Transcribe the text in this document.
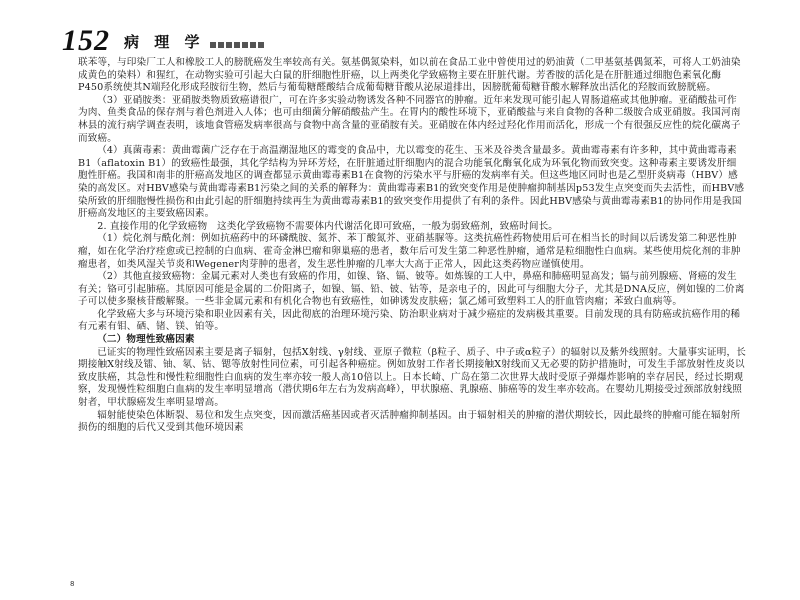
152 病 理 学

联苯等，与印染厂工人和橡胶工人的膀胱癌发生率较高有关。氨基偶氮染料，如以前在食品工业中曾使用过的奶油黄（二甲基氨基偶氮苯，可将人工奶油染成黄色的染料）和猩红，在动物实验可引起大白鼠的肝细胞性肝癌，以上两类化学致癌物主要在肝脏代谢。芳香胺的活化是在肝脏通过细胞色素氧化酶P450系统使其N端羟化形成羟胺衍生物，然后与葡萄糖醛酸结合成葡萄糖苷酸从泌尿道排出，因膀胱葡萄糖苷酸水解释放出活化的羟胺而致膀胱癌。

（3）亚硝胺类：亚硝胺类物质致癌谱很广，可在许多实验动物诱发各种不同器官的肿瘤。近年来发现可能引起人胃肠道癌或其他肿瘤。亚硝酸盐可作为肉、鱼类食品的保存剂与着色剂进入人体；也可由细菌分解硝酸盐产生。在胃内的酸性环境下，亚硝酸盐与来自食物的各种二级胺合成亚硝胺。我国河南林县的流行病学调查表明，该地食管癌发病率很高与食物中高含量的亚硝胺有关。亚硝胺在体内经过羟化作用而活化，形成一个有很强反应性的烷化碳离子而致癌。

（4）真菌毒素：黄曲霉菌广泛存在于高温潮湿地区的霉变的食品中，尤以霉变的花生、玉米及谷类含量最多。黄曲霉毒素有许多种，其中黄曲霉毒素B1（aflatoxin B1）的致癌性最强，其化学结构为异环芳烃，在肝脏通过肝细胞内的混合功能氧化酶氧化成为环氧化物而致突变。这种毒素主要诱发肝细胞性肝癌。我国和南非的肝癌高发地区的调查都显示黄曲霉毒素B1在食物的污染水平与肝癌的发病率有关。但这些地区同时也是乙型肝炎病毒（HBV）感染的高发区。对HBV感染与黄曲霉毒素B1污染之间的关系的解释为：黄曲霉毒素B1的致突变作用是使肿瘤抑制基因p53发生点突变而失去活性，而HBV感染所致的肝细胞慢性损伤和由此引起的肝细胞持续再生为黄曲霉毒素B1的致突变作用提供了有利的条件。因此HBV感染与黄曲霉毒素B1的协同作用是我国肝癌高发地区的主要致癌因素。

2. 直接作用的化学致癌物　这类化学致癌物不需要体内代谢活化即可致癌，一般为弱致癌剂，致癌时间长。

（1）烷化剂与酰化剂：例如抗癌药中的环磷酰胺、氮芥、苯丁酸氮芥、亚硝基脲等。这类抗癌性药物使用后可在相当长的时间以后诱发第二种恶性肿瘤，如在化学治疗痊愈或已控制的白血病、霍奇金淋巴瘤和卵巢癌的患者，数年后可发生第二种恶性肿瘤，通常是粒细胞性白血病。某些使用烷化剂的非肿瘤患者，如类风湿关节炎和Wegener肉芽肿的患者，发生恶性肿瘤的几率大大高于正常人，因此这类药物应谨慎使用。

（2）其他直接致癌物：金属元素对人类也有致癌的作用，如镍、铬、镉、铍等。如炼镍的工人中，鼻癌和肺癌明显高发；镉与前列腺癌、肾癌的发生有关；铬可引起肺癌。其原因可能是金属的二价阳离子，如镍、镉、铅、铍、钴等，是亲电子的，因此可与细胞大分子，尤其是DNA反应，例如镍的二价离子可以使多聚核苷酸解聚。一些非金属元素和有机化合物也有致癌性，如砷诱发皮肤癌；氯乙烯可致塑料工人的肝血管肉瘤；苯致白血病等。

化学致癌大多与环境污染和职业因素有关，因此彻底的治理环境污染、防治职业病对于减少癌症的发病极其重要。目前发现的具有防癌或抗癌作用的稀有元素有钼、硒、锗、镁、铂等。

（二）物理性致癌因素

已证实的物理性致癌因素主要是离子辐射，包括X射线、γ射线、亚原子微粒（β粒子、质子、中子或α粒子）的辐射以及紫外线照射。大量事实证明，长期接触X射线及镭、铀、氡、钴、锶等放射性同位素，可引起各种癌症。例如放射工作者长期接触X射线而又无必要的防护措施时，可发生手部放射性皮炎以致皮肤癌，其急性和慢性粒细胞性白血病的发生率亦较一般人高10倍以上。日本长崎、广岛在第二次世界大战时受原子弹爆炸影响的幸存居民，经过长期观察，发现慢性粒细胞白血病的发生率明显增高（潜伏期6年左右为发病高峰），甲状腺癌、乳腺癌、肺癌等的发生率亦较高。在婴幼儿期接受过颈部放射线照射者，甲状腺癌发生率明显增高。

辐射能使染色体断裂、易位和发生点突变，因而激活癌基因或者灭活肿瘤抑制基因。由于辐射相关的肿瘤的潜伏期较长，因此最终的肿瘤可能在辐射所损伤的细胞的后代又受到其他环境因素

8
